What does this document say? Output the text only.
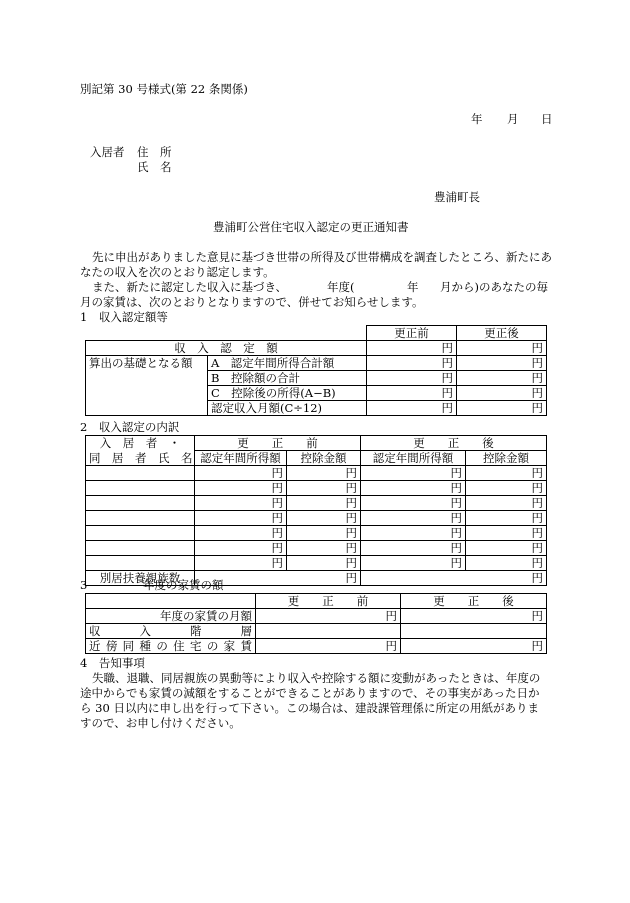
別記第 30 号様式(第 22 条関係)
年 月 日
入居者 住　所
氏　名
豊浦町長
豊浦町公営住宅収入認定の更正通知書
先に申出がありました意見に基づき世帯の所得及び世帯構成を調査したところ、新たにあ
なたの収入を次のとおり認定します。
また、新たに認定した収入に基づき、	年度(	年 月から)のあなたの毎
月の家賃は、次のとおりとなりますので、併せてお知らせします。
1　収入認定額等
		更正前	更正後
収　入　認　定　額		円	円
算出の基礎となる額	A　認定年間所得合計額	円	円
	B　控除額の合計	円	円
	C　控除後の所得(A−B)	円	円
	認定収入月額(C÷12)	円	円
2　収入認定の内訳
入　居　者　・	更　　正　　前		更　　正　　後	
同　居　者　氏　名	認定年間所得額	控除金額	認定年間所得額	控除金額
	円	円	円	円
	円	円	円	円
	円	円	円	円
	円	円	円	円
	円	円	円	円
	円	円	円	円
	円	円	円	円
別居扶養親族数	円		円	
3	年度の家賃の額
	更　　正　　前	更　　正　　後
年度の家賃の月額	円	円
収　　入　　階　　層		
近傍同種の住宅の家賃	円	円
4　告知事項
失職、退職、同居親族の異動等により収入や控除する額に変動があったときは、年度の
途中からでも家賃の減額をすることができることがありますので、その事実があった日か
ら 30 日以内に申し出を行って下さい。この場合は、建設課管理係に所定の用紙がありま
すので、お申し付けください。
